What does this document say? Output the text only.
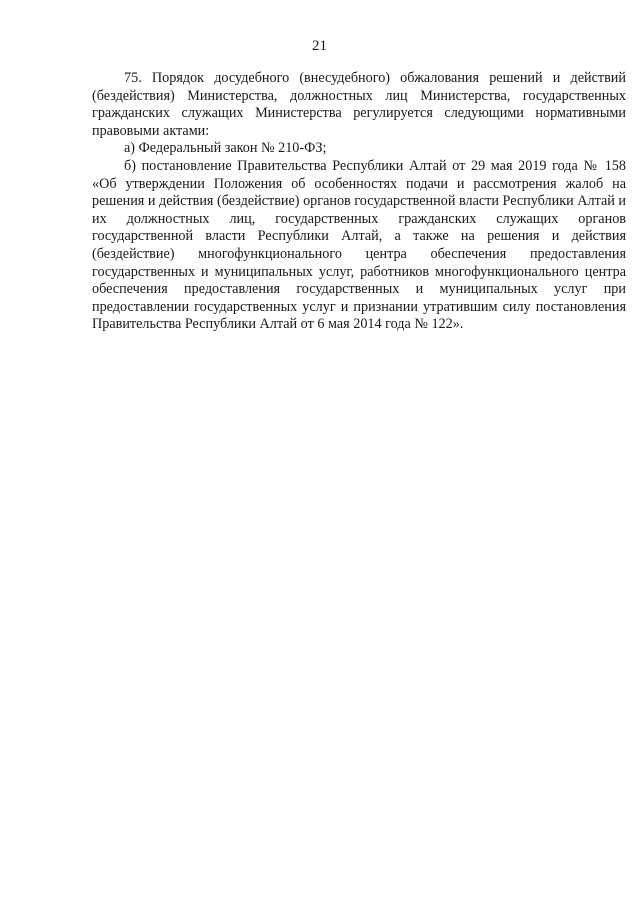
21

75. Порядок досудебного (внесудебного) обжалования решений и действий (бездействия) Министерства, должностных лиц Министерства, государственных гражданских служащих Министерства регулируется следующими нормативными правовыми актами:

а) Федеральный закон № 210-ФЗ;

б) постановление Правительства Республики Алтай от 29 мая 2019 года № 158 «Об утверждении Положения об особенностях подачи и рассмотрения жалоб на решения и действия (бездействие) органов государственной власти Республики Алтай и их должностных лиц, государственных гражданских служащих органов государственной власти Республики Алтай, а также на решения и действия (бездействие) многофункционального центра обеспечения предоставления государственных и муниципальных услуг, работников многофункционального центра обеспечения предоставления государственных и муниципальных услуг при предоставлении государственных услуг и признании утратившим силу постановления Правительства Республики Алтай от 6 мая 2014 года № 122».
